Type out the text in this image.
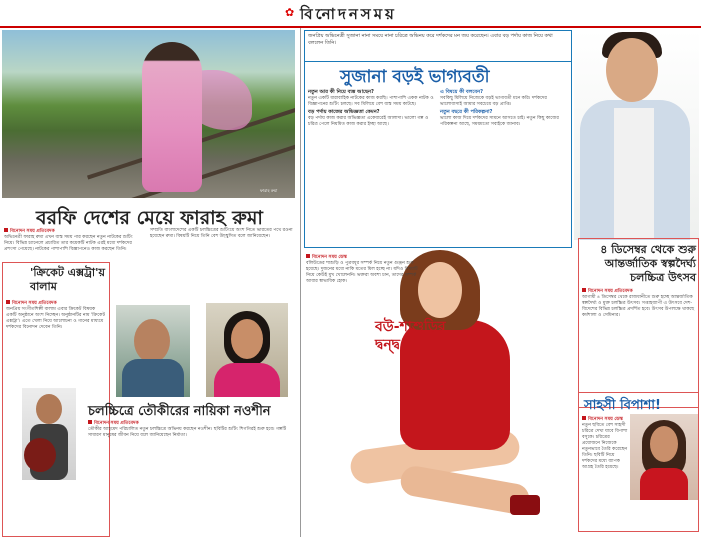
✿ বিনোদনসময়
ফারাহ রুমা
বরফি দেশের মেয়ে ফারাহ রুমা
বিনোদন সময় প্রতিবেদক

অভিনেত্রী ফারাহ রুমা এখন ব্যস্ত সময় পার করছেন নতুন নাটকের শুটিং নিয়ে। বিভিন্ন চ্যানেলে প্রচারিত তার কয়েকটি নাটক এরই মধ্যে দর্শকদের প্রশংসা পেয়েছে। নাটকের পাশাপাশি বিজ্ঞাপনেও কাজ করছেন তিনি।

সম্প্রতি বাংলাদেশের একটি চলচ্চিত্রের শুটিংয়ে অংশ নিতে ভারতের পথে রওনা হয়েছেন রুমা। বিষয়টি নিয়ে তিনি বেশ উচ্ছ্বসিত বলে জানিয়েছেন।

'ক্রিকেট এক্সট্রা'য় বালাম
বিনোদন সময় প্রতিবেদক

জনপ্রিয় সংগীতশিল্পী বালাম এবার ক্রিকেট বিষয়ক একটি অনুষ্ঠানে অংশ নিচ্ছেন। অনুষ্ঠানটির নাম 'ক্রিকেট এক্সট্রা'। এতে খেলা নিয়ে আলোচনা ও গানের মাধ্যমে দর্শকদের বিনোদন দেবেন তিনি।

চলচ্চিত্রে তৌকীরের নায়িকা নওশীন
বিনোদন সময় প্রতিবেদক

তৌকীর আহমেদ পরিচালিত নতুন চলচ্চিত্রে অভিনয় করছেন নওশীন। ছবিটির শুটিং শিগগিরই শুরু হবে। গল্পটি সাধারণ মানুষের জীবন নিয়ে বলে জানিয়েছেন নির্মাতা।

জনপ্রিয় অভিনেত্রী সুজানা নানা সময়ে নানা চরিত্রে অভিনয় করে দর্শকদের মন জয় করেছেন। এবার বড় পর্দায় কাজ নিয়ে কথা বললেন তিনি।
সুজানা বড়ই ভাগ্যবতী
নতুন আর কী নিয়ে ব্যস্ত আছেন?

নতুন একটি ধারাবাহিক নাটকের কাজ করছি। পাশাপাশি একক নাটক ও বিজ্ঞাপনের শুটিং চলছে। সব মিলিয়ে বেশ ব্যস্ত সময় কাটছে।

বড় পর্দায় কাজের অভিজ্ঞতা কেমন?

বড় পর্দায় কাজ করার অভিজ্ঞতা একেবারেই আলাদা। ভালো গল্প ও চরিত্র পেলে নিয়মিত কাজ করার ইচ্ছা আছে।

এ বিষয়ে কী বলবেন?

সবকিছু মিলিয়ে নিজেকে বড়ই ভাগ্যবতী মনে করি। দর্শকদের ভালোবাসাই আমার সবচেয়ে বড় প্রাপ্তি।

নতুন বছরে কী পরিকল্পনা?

ভালো কাজ দিয়ে দর্শকদের সামনে আসতে চাই। নতুন কিছু কাজের পরিকল্পনা আছে, সময়মতো সবাইকে জানাব।

বিনোদন সময় ডেস্ক

বলিউডের শাশুড়ি ও পুত্রবধূর সম্পর্ক নিয়ে নতুন গুঞ্জন শুরু হয়েছে। দুজনের মধ্যে নাকি মতের মিল হচ্ছে না। যদিও বিষয়টি নিয়ে কেউই মুখ খোলেননি। ভক্তরা অবশ্য চান, তাদের সম্পর্ক আবার স্বাভাবিক হোক।

বউ-শাশুড়ির দ্বন্দ্ব!
৪ ডিসেম্বর থেকে শুরু আন্তর্জাতিক স্বল্পদৈর্ঘ্য চলচ্চিত্র উৎসব
বিনোদন সময় প্রতিবেদক

আগামী ৪ ডিসেম্বর থেকে রাজধানীতে শুরু হচ্ছে আন্তর্জাতিক স্বল্পদৈর্ঘ্য ও মুক্ত চলচ্চিত্র উৎসব। সপ্তাহব্যাপী এ উৎসবে দেশ-বিদেশের বিভিন্ন চলচ্চিত্র প্রদর্শিত হবে। উৎসব উপলক্ষে থাকছে কর্মশালা ও সেমিনার।

সাহসী বিপাশা!
বিনোদন সময় ডেস্ক

নতুন ছবিতে বেশ সাহসী চরিত্রে দেখা যাবে বিপাশা বসুকে। চরিত্রের প্রয়োজনে নিজেকে নতুনভাবে তৈরি করেছেন তিনি। ছবিটি নিয়ে দর্শকদের মধ্যে ব্যাপক আগ্রহ তৈরি হয়েছে।
